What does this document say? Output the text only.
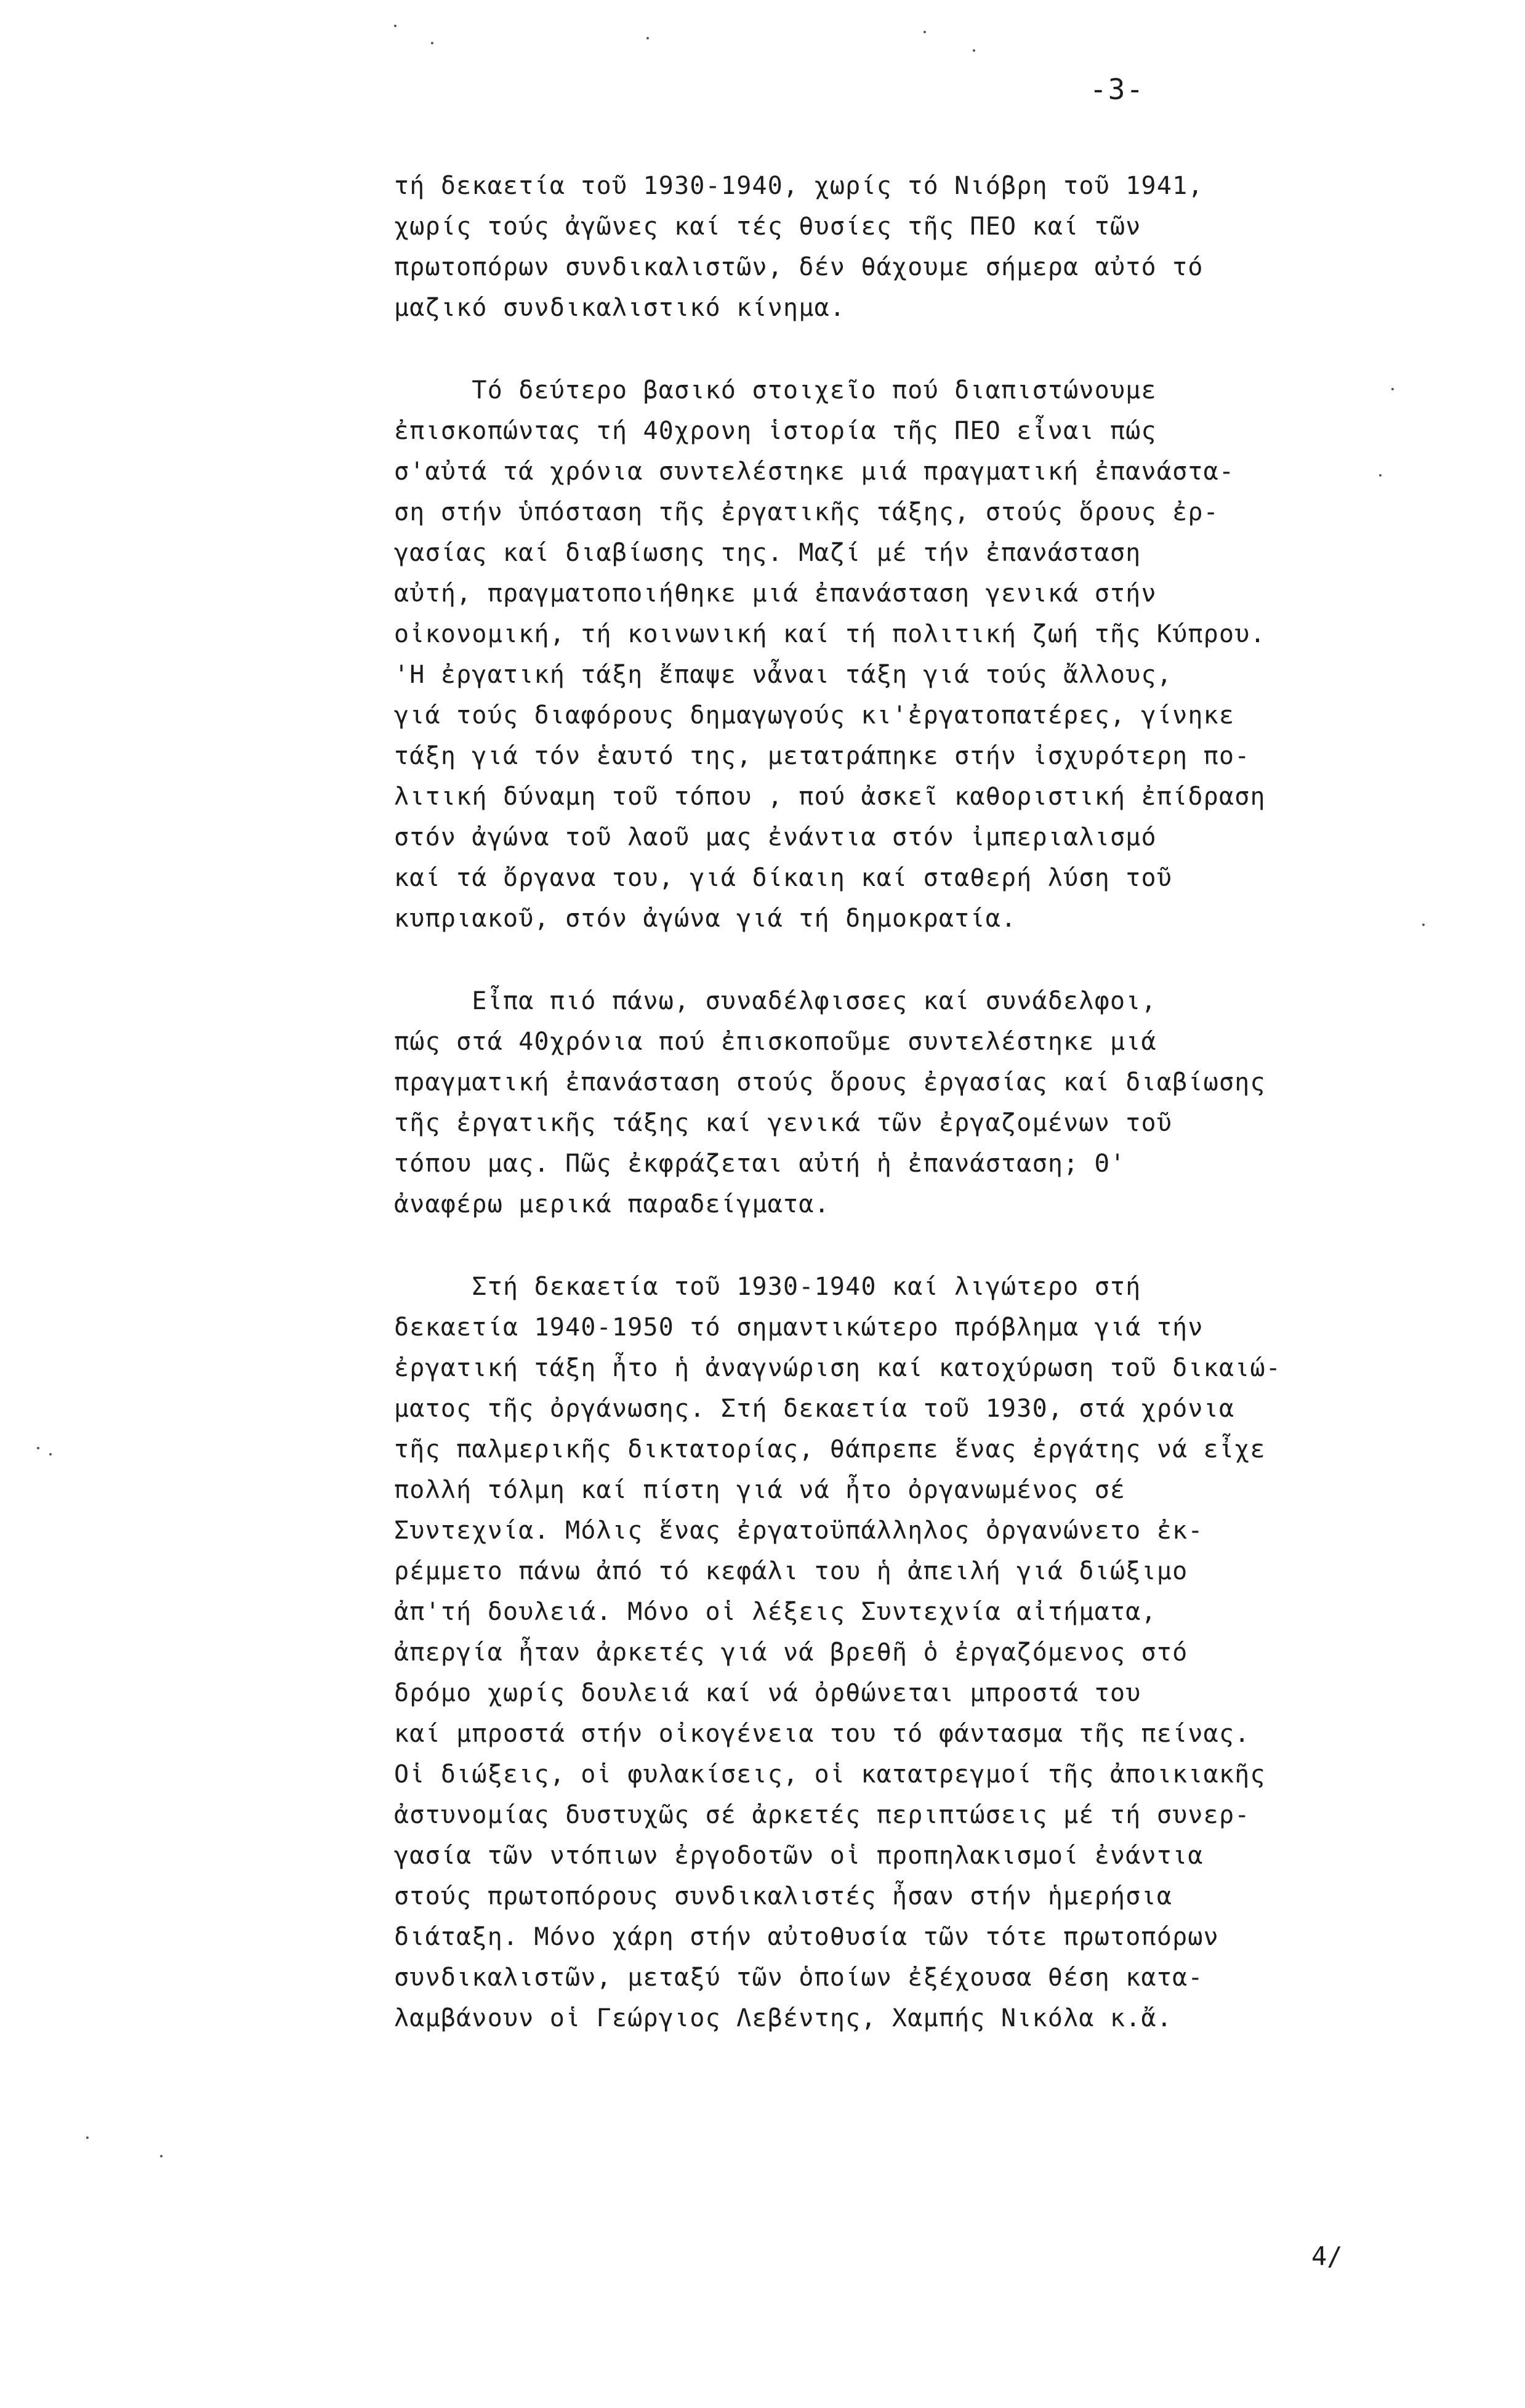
-3-
τή δεκαετία τοῦ 1930-1940, χωρίς τό Νιόβρη τοῦ 1941,
χωρίς τούς ἀγῶνες καί τές θυσίες τῆς ΠΕΟ καί τῶν
πρωτοπόρων συνδικαλιστῶν, δέν θάχουμε σήμερα αὐτό τό
μαζικό συνδικαλιστικό κίνημα.
Τό δεύτερο βασικό στοιχεῖο πού διαπιστώνουμε
ἐπισκοπώντας τή 40χρονη ἱστορία τῆς ΠΕΟ εἶναι πώς
σ'αὐτά τά χρόνια συντελέστηκε μιά πραγματική ἐπανάστα-
ση στήν ὑπόσταση τῆς ἐργατικῆς τάξης, στούς ὅρους ἐρ-
γασίας καί διαβίωσης της. Μαζί μέ τήν ἐπανάσταση
αὐτή, πραγματοποιήθηκε μιά ἐπανάσταση γενικά στήν
οἰκονομική, τή κοινωνική καί τή πολιτική ζωή τῆς Κύπρου.
'Η ἐργατική τάξη ἔπαψε νἆναι τάξη γιά τούς ἄλλους,
γιά τούς διαφόρους δημαγωγούς κι'ἐργατοπατέρες, γίνηκε
τάξη γιά τόν ἑαυτό της, μετατράπηκε στήν ἰσχυρότερη πο-
λιτική δύναμη τοῦ τόπου , πού ἀσκεῖ καθοριστική ἐπίδραση
στόν ἀγώνα τοῦ λαοῦ μας ἐνάντια στόν ἰμπεριαλισμό
καί τά ὄργανα του, γιά δίκαιη καί σταθερή λύση τοῦ
κυπριακοῦ, στόν ἀγώνα γιά τή δημοκρατία.
Εἶπα πιό πάνω, συναδέλφισσες καί συνάδελφοι,
πώς στά 40χρόνια πού ἐπισκοποῦμε συντελέστηκε μιά
πραγματική ἐπανάσταση στούς ὅρους ἐργασίας καί διαβίωσης
τῆς ἐργατικῆς τάξης καί γενικά τῶν ἐργαζομένων τοῦ
τόπου μας. Πῶς ἐκφράζεται αὐτή ἡ ἐπανάσταση; Θ'
ἀναφέρω μερικά παραδείγματα.
Στή δεκαετία τοῦ 1930-1940 καί λιγώτερο στή
δεκαετία 1940-1950 τό σημαντικώτερο πρόβλημα γιά τήν
ἐργατική τάξη ἦτο ἡ ἀναγνώριση καί κατοχύρωση τοῦ δικαιώ-
ματος τῆς ὀργάνωσης. Στή δεκαετία τοῦ 1930, στά χρόνια
τῆς παλμερικῆς δικτατορίας, θάπρεπε ἕνας ἐργάτης νά εἶχε
πολλή τόλμη καί πίστη γιά νά ἦτο ὀργανωμένος σέ
Συντεχνία. Μόλις ἕνας ἐργατοϋπάλληλος ὀργανώνετο ἐκ-
ρέμμετο πάνω ἀπό τό κεφάλι του ἡ ἀπειλή γιά διώξιμο
ἀπ'τή δουλειά. Μόνο οἱ λέξεις Συντεχνία αἰτήματα,
ἀπεργία ἦταν ἀρκετές γιά νά βρεθῆ ὁ ἐργαζόμενος στό
δρόμο χωρίς δουλειά καί νά ὀρθώνεται μπροστά του
καί μπροστά στήν οἰκογένεια του τό φάντασμα τῆς πείνας.
Οἱ διώξεις, οἱ φυλακίσεις, οἱ κατατρεγμοί τῆς ἀποικιακῆς
ἀστυνομίας δυστυχῶς σέ ἀρκετές περιπτώσεις μέ τή συνερ-
γασία τῶν ντόπιων ἐργοδοτῶν οἱ προπηλακισμοί ἐνάντια
στούς πρωτοπόρους συνδικαλιστές ἦσαν στήν ἡμερήσια
διάταξη. Μόνο χάρη στήν αὐτοθυσία τῶν τότε πρωτοπόρων
συνδικαλιστῶν, μεταξύ τῶν ὁποίων ἐξέχουσα θέση κατα-
λαμβάνουν οἱ Γεώργιος Λεβέντης, Χαμπής Νικόλα κ.ἄ.
4/
